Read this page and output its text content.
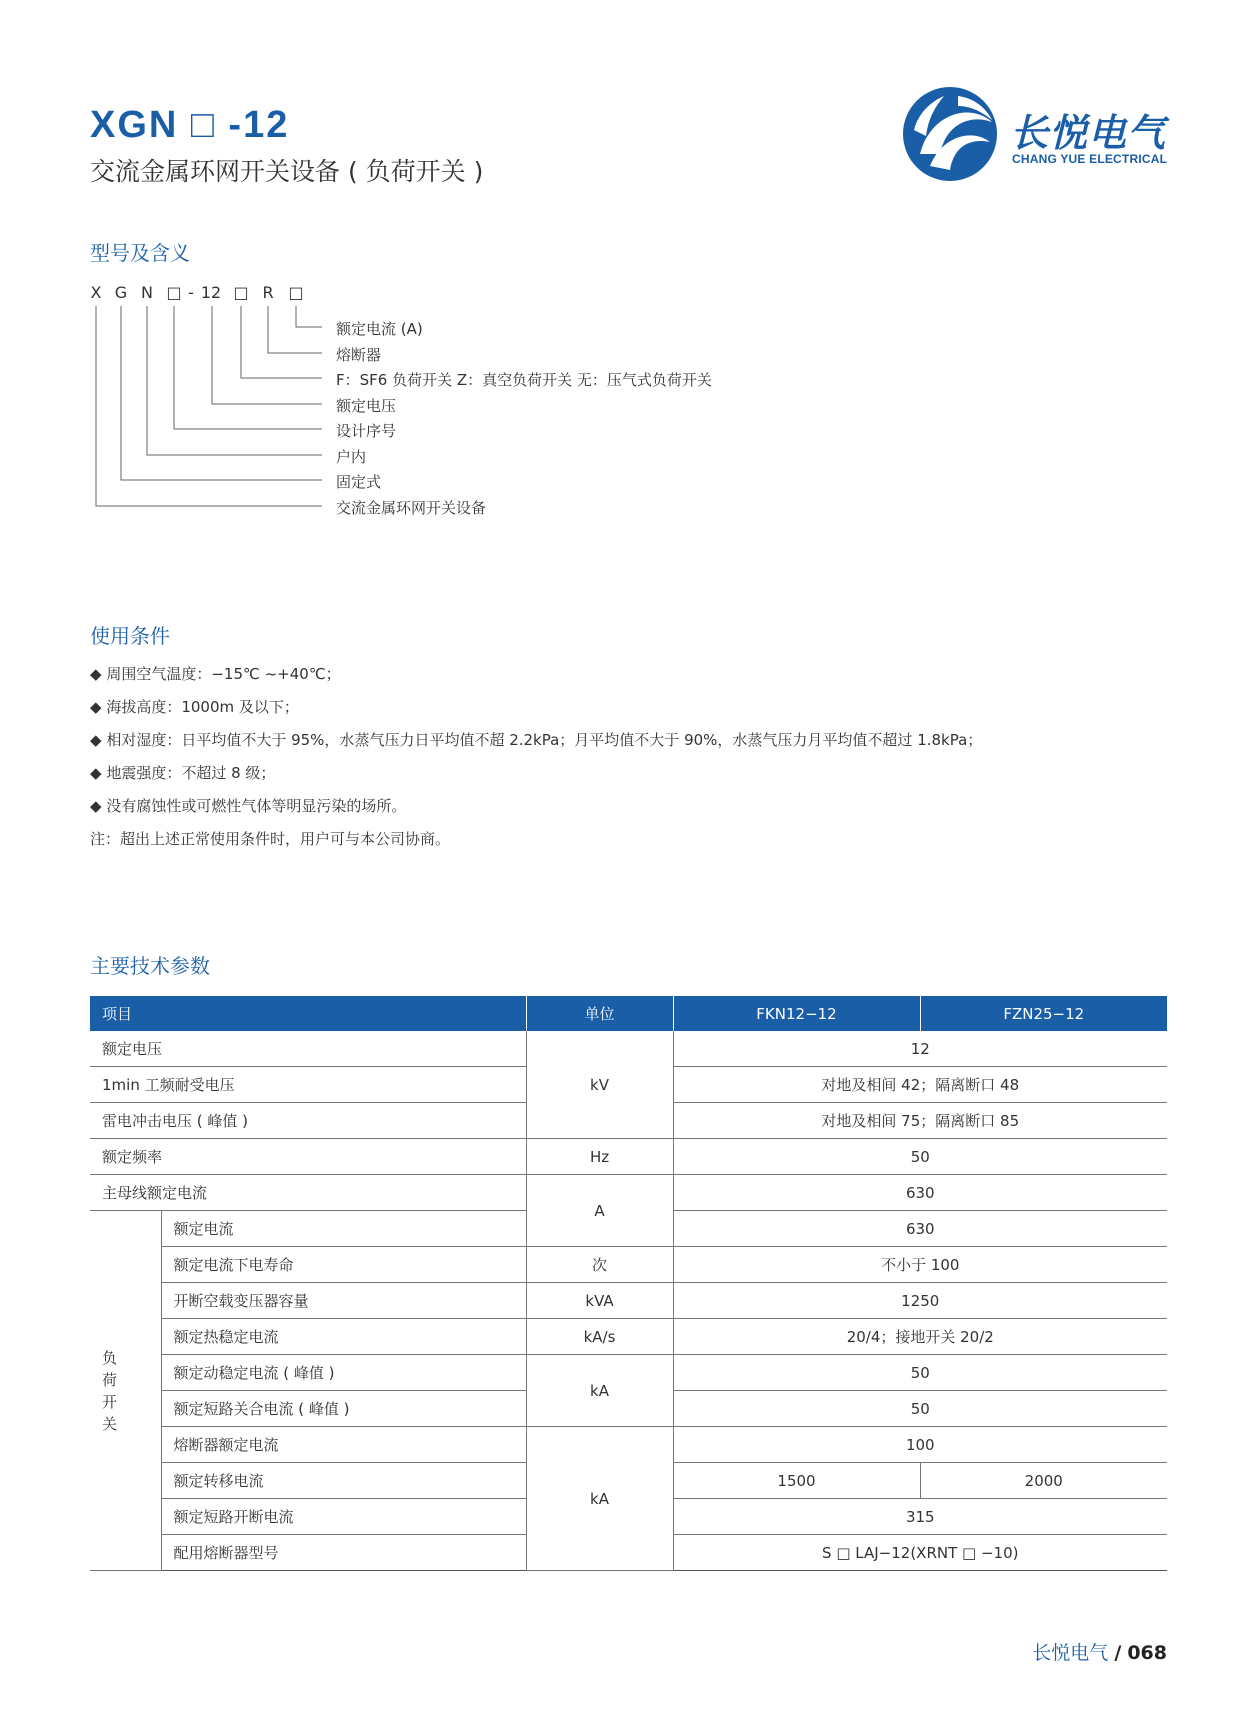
XGN □ -12
交流金属环网开关设备 ( 负荷开关 )
长悦电气
CHANG YUE ELECTRICAL
型号及含义
X G N □ - 12 □ R □
额定电流 (A)
熔断器
F：SF6 负荷开关 Z：真空负荷开关 无：压气式负荷开关
额定电压
设计序号
户内
固定式
交流金属环网开关设备
使用条件
◆ 周围空气温度：−15℃ ~+40℃；
◆ 海拔高度：1000m 及以下；
◆ 相对湿度：日平均值不大于 95%，水蒸气压力日平均值不超 2.2kPa；月平均值不大于 90%，水蒸气压力月平均值不超过 1.8kPa；
◆ 地震强度：不超过 8 级；
◆ 没有腐蚀性或可燃性气体等明显污染的场所。
注：超出上述正常使用条件时，用户可与本公司协商。
主要技术参数
项目		单位	FKN12−12	FZN25−12
额定电压		kV	12	
1min 工频耐受电压			对地及相间 42；隔离断口 48	
雷电冲击电压 ( 峰值 )			对地及相间 75；隔离断口 85	
额定频率		Hz	50	
主母线额定电流		A	630	
负
荷
开
关	额定电流		630	
	额定电流下电寿命	次	不小于 100	
	开断空载变压器容量	kVA	1250	
	额定热稳定电流	kA/s	20/4；接地开关 20/2	
	额定动稳定电流 ( 峰值 )	kA	50	
	额定短路关合电流 ( 峰值 )		50	
	熔断器额定电流	kA	100	
	额定转移电流		1500	2000
	额定短路开断电流		315	
	配用熔断器型号		S □ LAJ−12(XRNT □ −10)	
长悦电气 / 068
